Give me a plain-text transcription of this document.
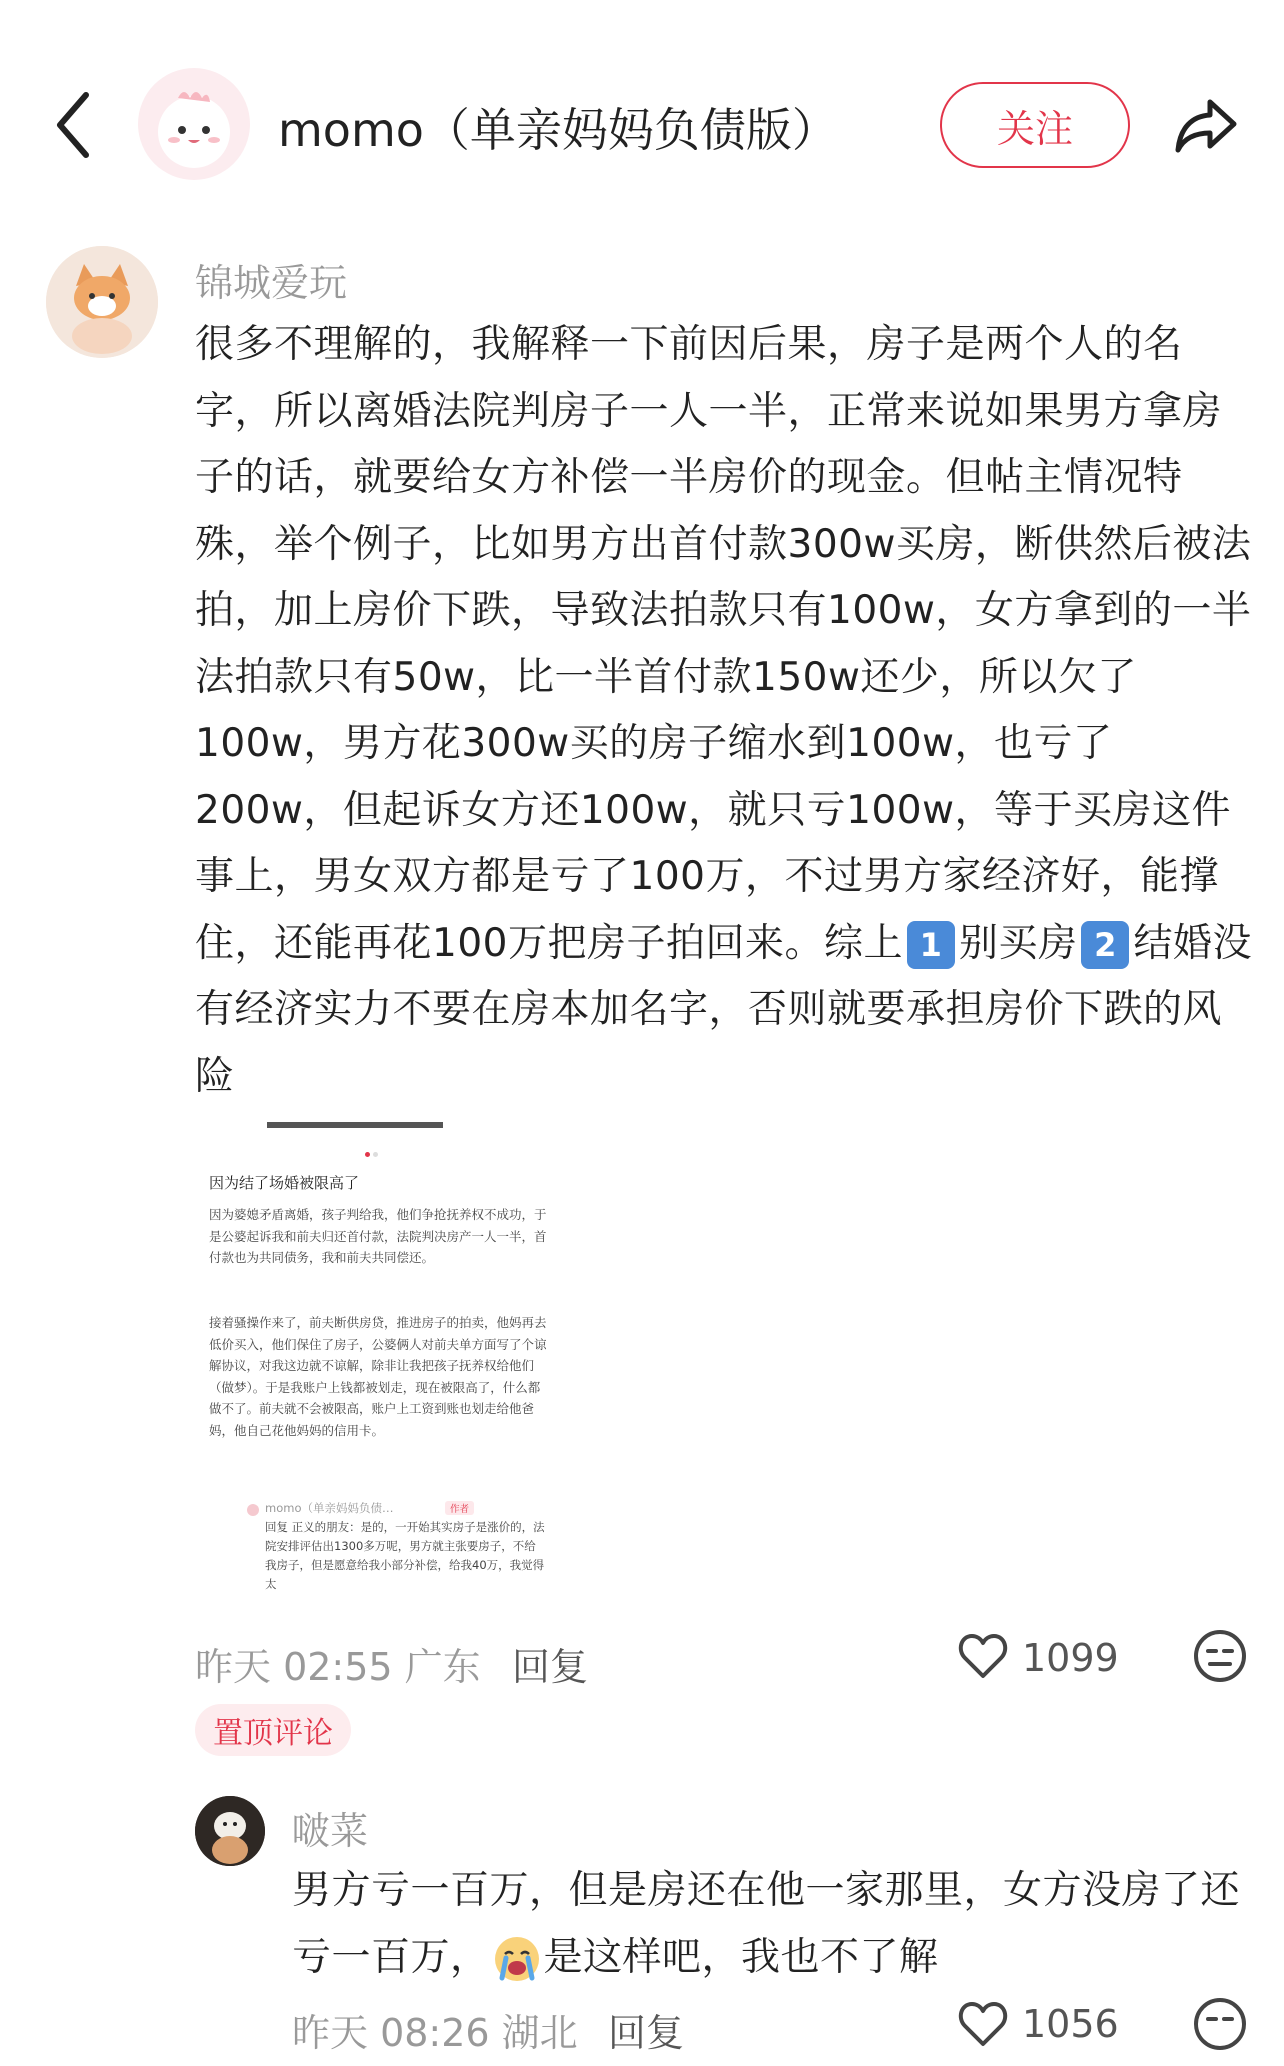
momo（单亲妈妈负债版）	关注
锦城爱玩
很多不理解的，我解释一下前因后果，房子是两个人的名字，所以离婚法院判房子一人一半，正常来说如果男方拿房子的话，就要给女方补偿一半房价的现金。但帖主情况特殊，举个例子，比如男方出首付款300w买房，断供然后被法拍，加上房价下跌，导致法拍款只有100w，女方拿到的一半法拍款只有50w，比一半首付款150w还少，所以欠了100w，男方花300w买的房子缩水到100w，也亏了200w，但起诉女方还100w，就只亏100w，等于买房这件事上，男女双方都是亏了100万，不过男方家经济好，能撑住，还能再花100万把房子拍回来。综上 1 别买房 2 结婚没有经济实力不要在房本加名字，否则就要承担房价下跌的风险
因为结了场婚被限高了
因为婆媳矛盾离婚，孩子判给我，他们争抢抚养权不成功，于是公婆起诉我和前夫归还首付款，法院判决房产一人一半，首付款也为共同债务，我和前夫共同偿还。
接着骚操作来了，前夫断供房贷，推进房子的拍卖，他妈再去低价买入，他们保住了房子，公婆俩人对前夫单方面写了个谅解协议，对我这边就不谅解，除非让我把孩子抚养权给他们（做梦）。于是我账户上钱都被划走，现在被限高了，什么都做不了。前夫就不会被限高，账户上工资到账也划走给他爸妈，他自己花他妈妈的信用卡。
momo（单亲妈妈负债…	作者
回复 正义的朋友：是的，一开始其实房子是涨价的，法院安排评估出1300多万呢，男方就主张要房子，不给我房子，但是愿意给我小部分补偿，给我40万，我觉得太
昨天 02:55 广东 回复	1099
置顶评论
啵菜
男方亏一百万，但是房还在他一家那里，女方没房了还亏一百万， 是这样吧，我也不了解
昨天 08:26 湖北 回复	1056
